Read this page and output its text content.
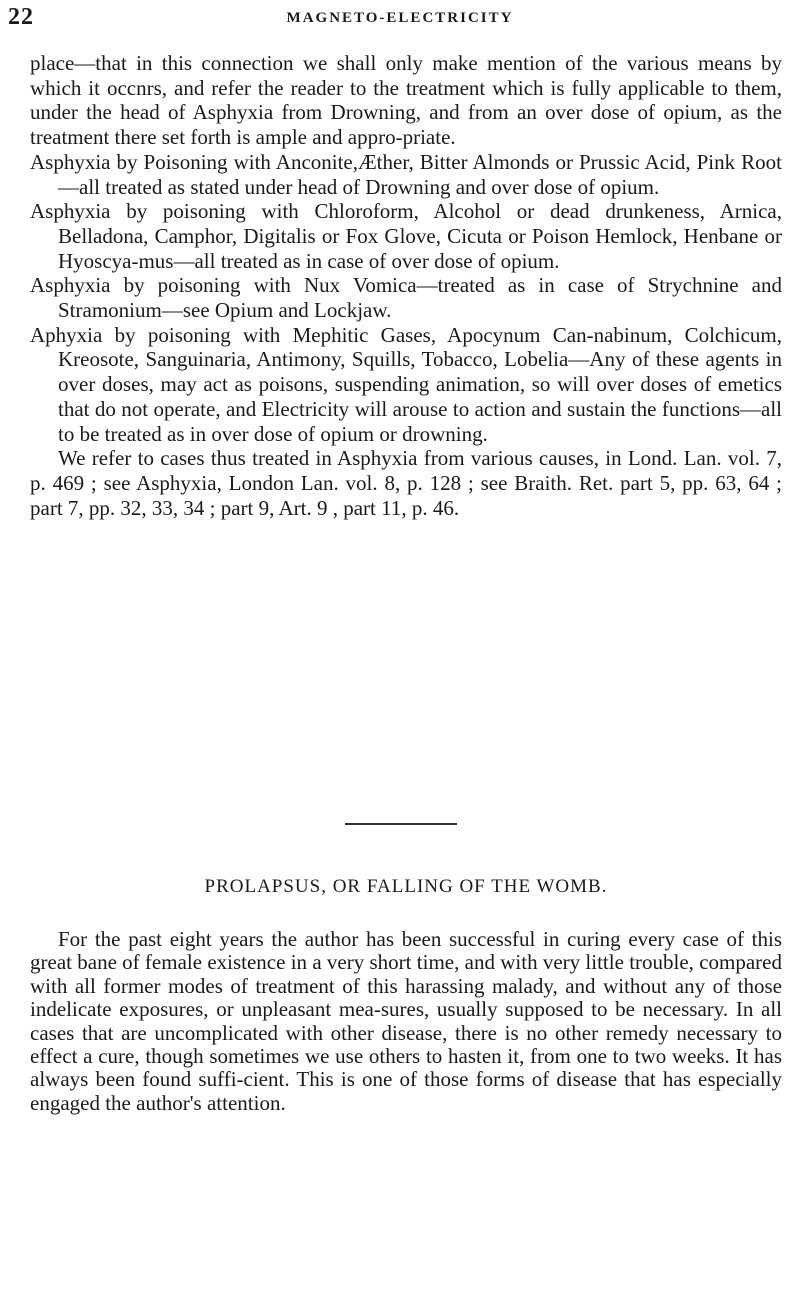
22	MAGNETO-ELECTRICITY

place—that in this connection we shall only make mention of the various means by which it occnrs, and refer the reader to the treatment which is fully applicable to them, under the head of Asphyxia from Drowning, and from an over dose of opium, as the treatment there set forth is ample and appro-priate.

Asphyxia by Poisoning with Anconite,Æther, Bitter Almonds or Prussic Acid, Pink Root—all treated as stated under head of Drowning and over dose of opium.

Asphyxia by poisoning with Chloroform, Alcohol or dead drunkeness, Arnica, Belladona, Camphor, Digitalis or Fox Glove, Cicuta or Poison Hemlock, Henbane or Hyoscya-mus—all treated as in case of over dose of opium.

Asphyxia by poisoning with Nux Vomica—treated as in case of Strychnine and Stramonium—see Opium and Lockjaw.

Aphyxia by poisoning with Mephitic Gases, Apocynum Can-nabinum, Colchicum, Kreosote, Sanguinaria, Antimony, Squills, Tobacco, Lobelia—Any of these agents in over doses, may act as poisons, suspending animation, so will over doses of emetics that do not operate, and Electricity will arouse to action and sustain the functions—all to be treated as in over dose of opium or drowning.

We refer to cases thus treated in Asphyxia from various causes, in Lond. Lan. vol. 7, p. 469 ; see Asphyxia, London Lan. vol. 8, p. 128 ; see Braith. Ret. part 5, pp. 63, 64 ; part 7, pp. 32, 33, 34 ; part 9, Art. 9 , part 11, p. 46.

PROLAPSUS, OR FALLING OF THE WOMB.

For the past eight years the author has been successful in curing every case of this great bane of female existence in a very short time, and with very little trouble, compared with all former modes of treatment of this harassing malady, and without any of those indelicate exposures, or unpleasant mea-sures, usually supposed to be necessary. In all cases that are uncomplicated with other disease, there is no other remedy necessary to effect a cure, though sometimes we use others to hasten it, from one to two weeks. It has always been found suffi-cient. This is one of those forms of disease that has especially engaged the author's attention.
